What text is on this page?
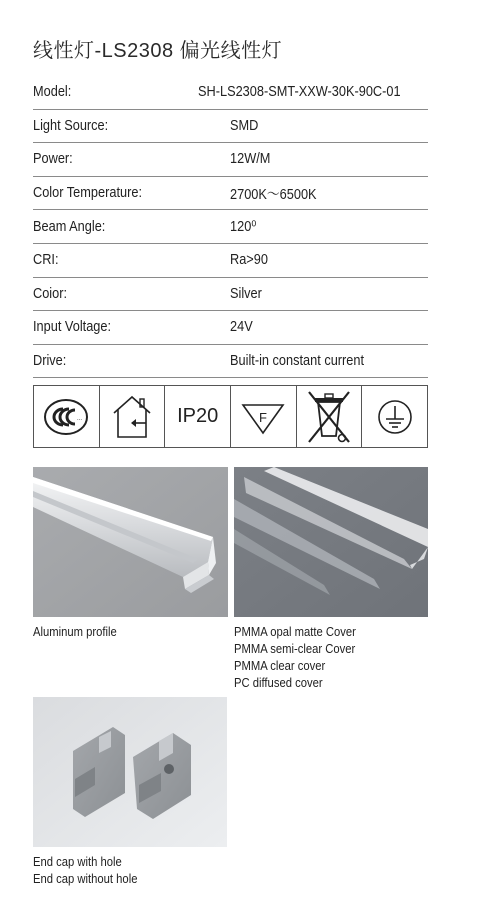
线性灯-LS2308 偏光线性灯
Model:	SH-LS2308-SMT-XXW-30K-90C-01
Light Source:	SMD
Power:	12W/M
Color Temperature:	2700K～6500K
Beam Angle:	120⁰
CRI:	Ra>90
Coior:	Silver
Input Voltage:	24V
Drive:	Built-in constant current
...	IP20	F
Aluminum profile	PMMA opal matte Cover
PMMA semi-clear Cover
PMMA clear cover
PC diffused cover
End cap with hole
End cap without hole
